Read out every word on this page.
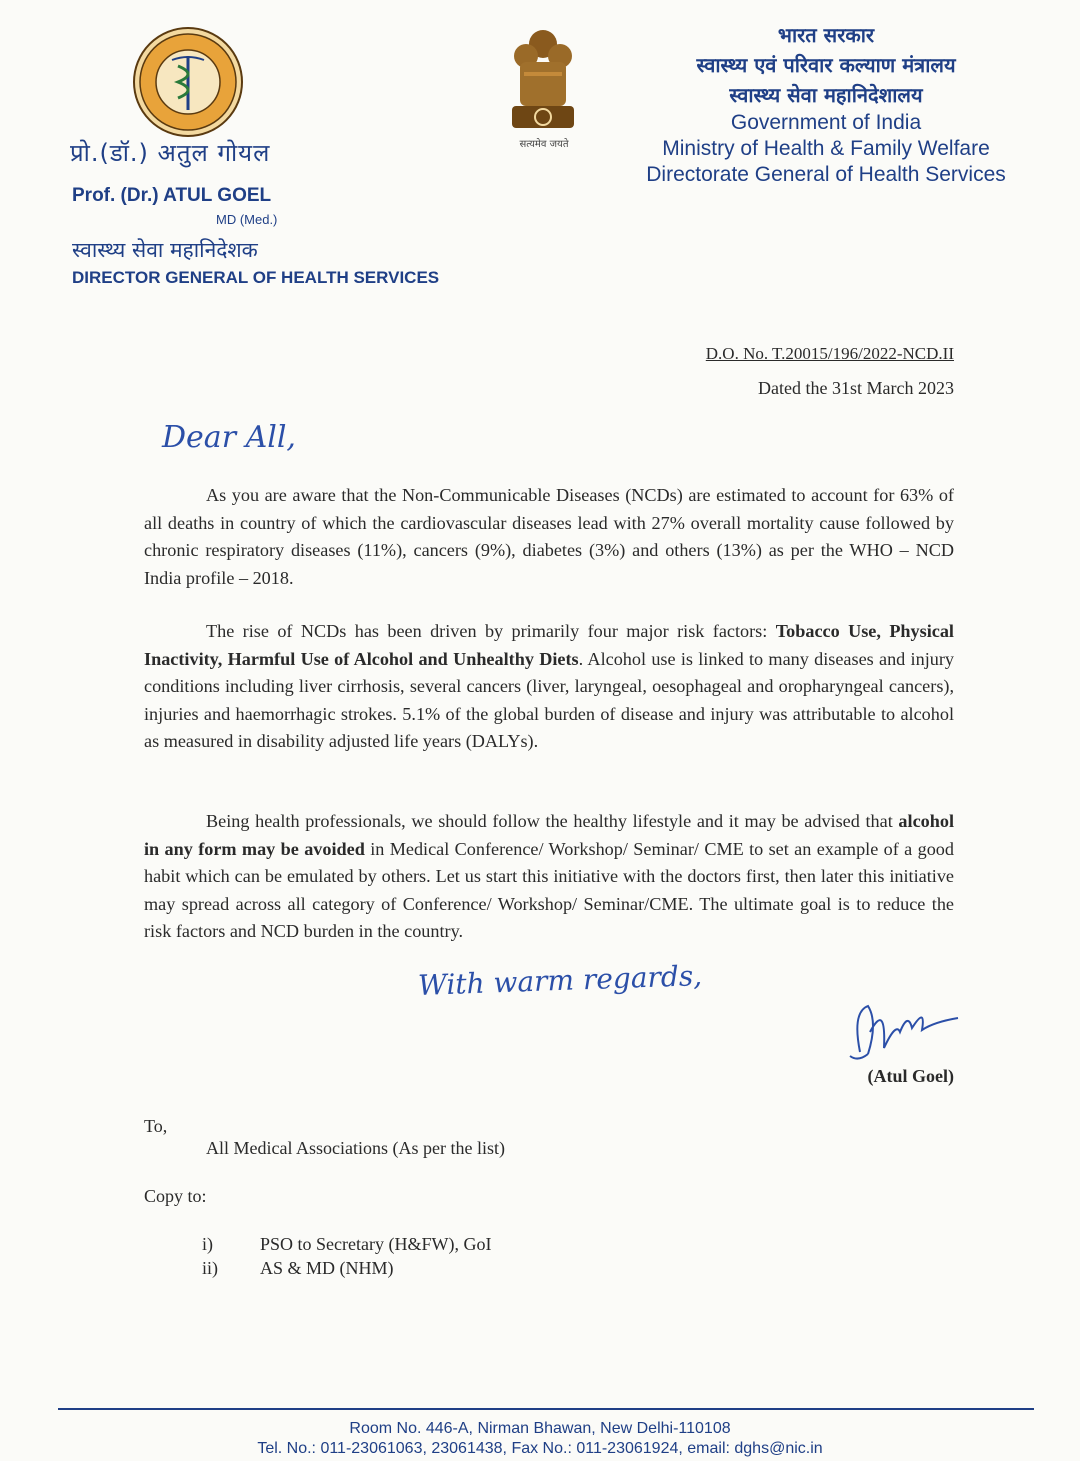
प्रो.(डॉ.) अतुल गोयल
Prof. (Dr.) ATUL GOEL
MD (Med.)
स्वास्थ्य सेवा महानिदेशक
DIRECTOR GENERAL OF HEALTH SERVICES
सत्यमेव जयते
भारत सरकार
स्वास्थ्य एवं परिवार कल्याण मंत्रालय
स्वास्थ्य सेवा महानिदेशालय
Government of India
Ministry of Health & Family Welfare
Directorate General of Health Services
D.O. No. T.20015/196/2022-NCD.II
Dated the 31st March 2023
Dear All,

As you are aware that the Non-Communicable Diseases (NCDs) are estimated to account for 63% of all deaths in country of which the cardiovascular diseases lead with 27% overall mortality cause followed by chronic respiratory diseases (11%), cancers (9%), diabetes (3%) and others (13%) as per the WHO – NCD India profile – 2018.

The rise of NCDs has been driven by primarily four major risk factors: Tobacco Use, Physical Inactivity, Harmful Use of Alcohol and Unhealthy Diets. Alcohol use is linked to many diseases and injury conditions including liver cirrhosis, several cancers (liver, laryngeal, oesophageal and oropharyngeal cancers), injuries and haemorrhagic strokes. 5.1% of the global burden of disease and injury was attributable to alcohol as measured in disability adjusted life years (DALYs).

Being health professionals, we should follow the healthy lifestyle and it may be advised that alcohol in any form may be avoided in Medical Conference/ Workshop/ Seminar/ CME to set an example of a good habit which can be emulated by others. Let us start this initiative with the doctors first, then later this initiative may spread across all category of Conference/ Workshop/ Seminar/CME. The ultimate goal is to reduce the risk factors and NCD burden in the country.

With warm regards,
(Atul Goel)
To,
All Medical Associations (As per the list)
Copy to:
i)	PSO to Secretary (H&FW), GoI
ii) AS & MD (NHM)
Room No. 446-A, Nirman Bhawan, New Delhi-110108
Tel. No.: 011-23061063, 23061438, Fax No.: 011-23061924, email: dghs@nic.in
